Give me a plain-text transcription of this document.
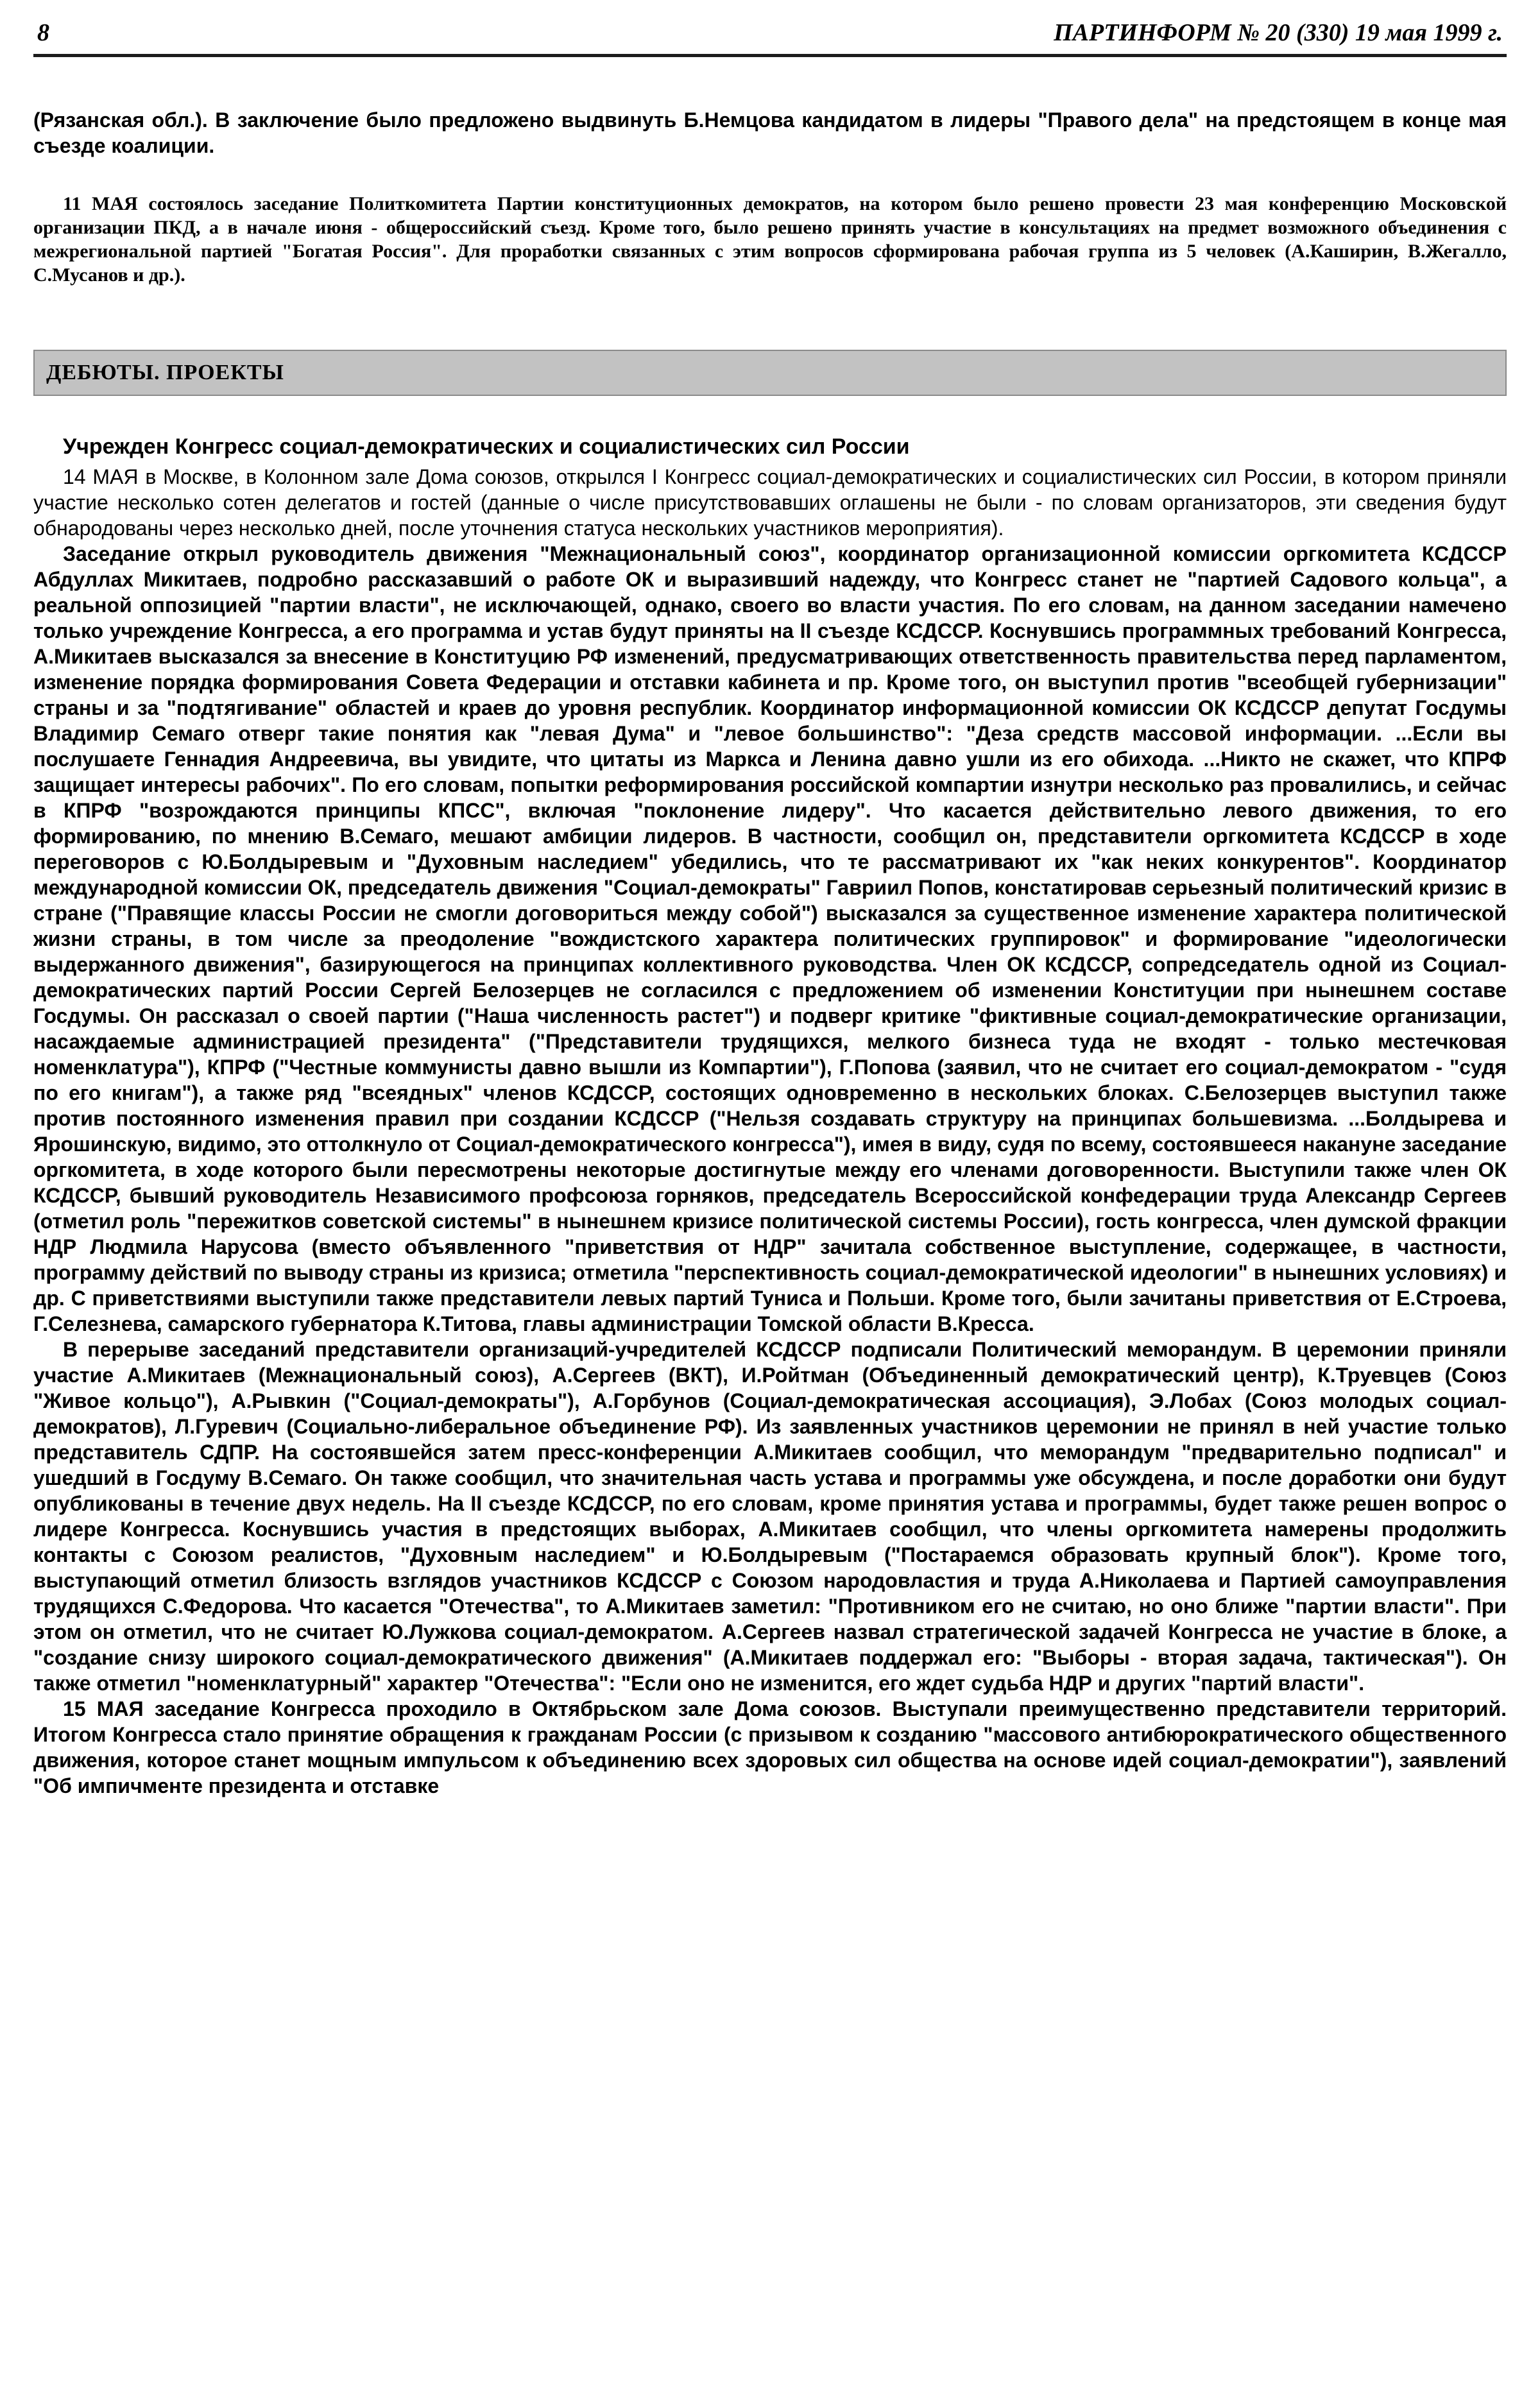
8	ПАРТИНФОРМ № 20 (330) 19 мая 1999 г.

(Рязанская обл.). В заключение было предложено выдвинуть Б.Немцова кандидатом в лидеры "Правого дела" на предстоящем в конце мая съезде коалиции.

11 МАЯ состоялось заседание Политкомитета Партии конституционных демократов, на котором было решено провести 23 мая конференцию Московской организации ПКД, а в начале июня - общероссийский съезд. Кроме того, было решено принять участие в консультациях на предмет возможного объединения с межрегиональной партией "Богатая Россия". Для проработки связанных с этим вопросов сформирована рабочая группа из 5 человек (А.Каширин, В.Жегалло, С.Мусанов и др.).

ДЕБЮТЫ. ПРОЕКТЫ
Учрежден Конгресс социал-демократических и социалистических сил России

14 МАЯ в Москве, в Колонном зале Дома союзов, открылся I Конгресс социал-демократических и социалистических сил России, в котором приняли участие несколько сотен делегатов и гостей (данные о числе присутствовавших оглашены не были - по словам организаторов, эти сведения будут обнародованы через несколько дней, после уточнения статуса нескольких участников мероприятия).

Заседание открыл руководитель движения "Межнациональный союз", координатор организационной комиссии оргкомитета КСДССР Абдуллах Микитаев, подробно рассказавший о работе ОК и выразивший надежду, что Конгресс станет не "партией Садового кольца", а реальной оппозицией "партии власти", не исключающей, однако, своего во власти участия. По его словам, на данном заседании намечено только учреждение Конгресса, а его программа и устав будут приняты на II съезде КСДССР. Коснувшись программных требований Конгресса, А.Микитаев высказался за внесение в Конституцию РФ изменений, предусматривающих ответственность правительства перед парламентом, изменение порядка формирования Совета Федерации и отставки кабинета и пр. Кроме того, он выступил против "всеобщей губернизации" страны и за "подтягивание" областей и краев до уровня республик. Координатор информационной комиссии ОК КСДССР депутат Госдумы Владимир Семаго отверг такие понятия как "левая Дума" и "левое большинство": "Деза средств массовой информации. ...Если вы послушаете Геннадия Андреевича, вы увидите, что цитаты из Маркса и Ленина давно ушли из его обихода. ...Никто не скажет, что КПРФ защищает интересы рабочих". По его словам, попытки реформирования российской компартии изнутри несколько раз провалились, и сейчас в КПРФ "возрождаются принципы КПСС", включая "поклонение лидеру". Что касается действительно левого движения, то его формированию, по мнению В.Семаго, мешают амбиции лидеров. В частности, сообщил он, представители оргкомитета КСДССР в ходе переговоров с Ю.Болдыревым и "Духовным наследием" убедились, что те рассматривают их "как неких конкурентов". Координатор международной комиссии ОК, председатель движения "Социал-демократы" Гавриил Попов, констатировав серьезный политический кризис в стране ("Правящие классы России не смогли договориться между собой") высказался за существенное изменение характера политической жизни страны, в том числе за преодоление "вождистского характера политических группировок" и формирование "идеологически выдержанного движения", базирующегося на принципах коллективного руководства. Член ОК КСДССР, сопредседатель одной из Социал-демократических партий России Сергей Белозерцев не согласился с предложением об изменении Конституции при нынешнем составе Госдумы. Он рассказал о своей партии ("Наша численность растет") и подверг критике "фиктивные социал-демократические организации, насаждаемые администрацией президента" ("Представители трудящихся, мелкого бизнеса туда не входят - только местечковая номенклатура"), КПРФ ("Честные коммунисты давно вышли из Компартии"), Г.Попова (заявил, что не считает его социал-демократом - "судя по его книгам"), а также ряд "всеядных" членов КСДССР, состоящих одновременно в нескольких блоках. С.Белозерцев выступил также против постоянного изменения правил при создании КСДССР ("Нельзя создавать структуру на принципах большевизма. ...Болдырева и Ярошинскую, видимо, это оттолкнуло от Социал-демократического конгресса"), имея в виду, судя по всему, состоявшееся накануне заседание оргкомитета, в ходе которого были пересмотрены некоторые достигнутые между его членами договоренности. Выступили также член ОК КСДССР, бывший руководитель Независимого профсоюза горняков, председатель Всероссийской конфедерации труда Александр Сергеев (отметил роль "пережитков советской системы" в нынешнем кризисе политической системы России), гость конгресса, член думской фракции НДР Людмила Нарусова (вместо объявленного "приветствия от НДР" зачитала собственное выступление, содержащее, в частности, программу действий по выводу страны из кризиса; отметила "перспективность социал-демократической идеологии" в нынешних условиях) и др. С приветствиями выступили также представители левых партий Туниса и Польши. Кроме того, были зачитаны приветствия от Е.Строева, Г.Селезнева, самарского губернатора К.Титова, главы администрации Томской области В.Кресса.

В перерыве заседаний представители организаций-учредителей КСДССР подписали Политический меморандум. В церемонии приняли участие А.Микитаев (Межнациональный союз), А.Сергеев (ВКТ), И.Ройтман (Объединенный демократический центр), К.Труевцев (Союз "Живое кольцо"), А.Рывкин ("Социал-демократы"), А.Горбунов (Социал-демократическая ассоциация), Э.Лобах (Союз молодых социал-демократов), Л.Гуревич (Социально-либеральное объединение РФ). Из заявленных участников церемонии не принял в ней участие только представитель СДПР. На состоявшейся затем пресс-конференции А.Микитаев сообщил, что меморандум "предварительно подписал" и ушедший в Госдуму В.Семаго. Он также сообщил, что значительная часть устава и программы уже обсуждена, и после доработки они будут опубликованы в течение двух недель. На II съезде КСДССР, по его словам, кроме принятия устава и программы, будет также решен вопрос о лидере Конгресса. Коснувшись участия в предстоящих выборах, А.Микитаев сообщил, что члены оргкомитета намерены продолжить контакты с Союзом реалистов, "Духовным наследием" и Ю.Болдыревым ("Постараемся образовать крупный блок"). Кроме того, выступающий отметил близость взглядов участников КСДССР с Союзом народовластия и труда А.Николаева и Партией самоуправления трудящихся С.Федорова. Что касается "Отечества", то А.Микитаев заметил: "Противником его не считаю, но оно ближе "партии власти". При этом он отметил, что не считает Ю.Лужкова социал-демократом. А.Сергеев назвал стратегической задачей Конгресса не участие в блоке, а "создание снизу широкого социал-демократического движения" (А.Микитаев поддержал его: "Выборы - вторая задача, тактическая"). Он также отметил "номенклатурный" характер "Отечества": "Если оно не изменится, его ждет судьба НДР и других "партий власти".

15 МАЯ заседание Конгресса проходило в Октябрьском зале Дома союзов. Выступали преимущественно представители территорий. Итогом Конгресса стало принятие обращения к гражданам России (с призывом к созданию "массового антибюрократического общественного движения, которое станет мощным импульсом к объединению всех здоровых сил общества на основе идей социал-демократии"), заявлений "Об импичменте президента и отставке
